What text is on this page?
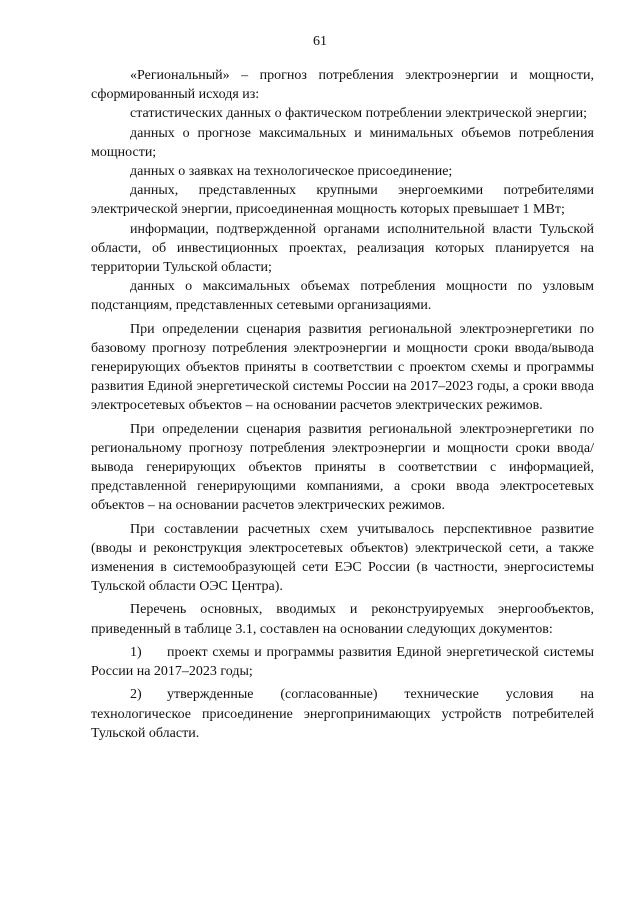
61

«Региональный» – прогноз потребления электроэнергии и мощности, сформированный исходя из:

статистических данных о фактическом потреблении электрической энергии;

данных о прогнозе максимальных и минимальных объемов потребления мощности;

данных о заявках на технологическое присоединение;

данных, представленных крупными энергоемкими потребителями электрической энергии, присоединенная мощность которых превышает 1 МВт;

информации, подтвержденной органами исполнительной власти Тульской области, об инвестиционных проектах, реализация которых планируется на территории Тульской области;

данных о максимальных объемах потребления мощности по узловым подстанциям, представленных сетевыми организациями.

При определении сценария развития региональной электроэнергетики по базовому прогнозу потребления электроэнергии и мощности сроки ввода/вывода генерирующих объектов приняты в соответствии с проектом схемы и программы развития Единой энергетической системы России на 2017–2023 годы, а сроки ввода электросетевых объектов – на основании расчетов электрических режимов.

При определении сценария развития региональной электроэнергетики по региональному прогнозу потребления электроэнергии и мощности сроки ввода/вывода генерирующих объектов приняты в соответствии с информацией, представленной генерирующими компаниями, а сроки ввода электросетевых объектов – на основании расчетов электрических режимов.

При составлении расчетных схем учитывалось перспективное развитие (вводы и реконструкция электросетевых объектов) электрической сети, а также изменения в системообразующей сети ЕЭС России (в частности, энергосистемы Тульской области ОЭС Центра).

Перечень основных, вводимых и реконструируемых энергообъектов, приведенный в таблице 3.1, составлен на основании следующих документов:

1) проект схемы и программы развития Единой энергетической системы России на 2017–2023 годы;

2) утвержденные (согласованные) технические условия на технологическое присоединение энергопринимающих устройств потребителей Тульской области.
